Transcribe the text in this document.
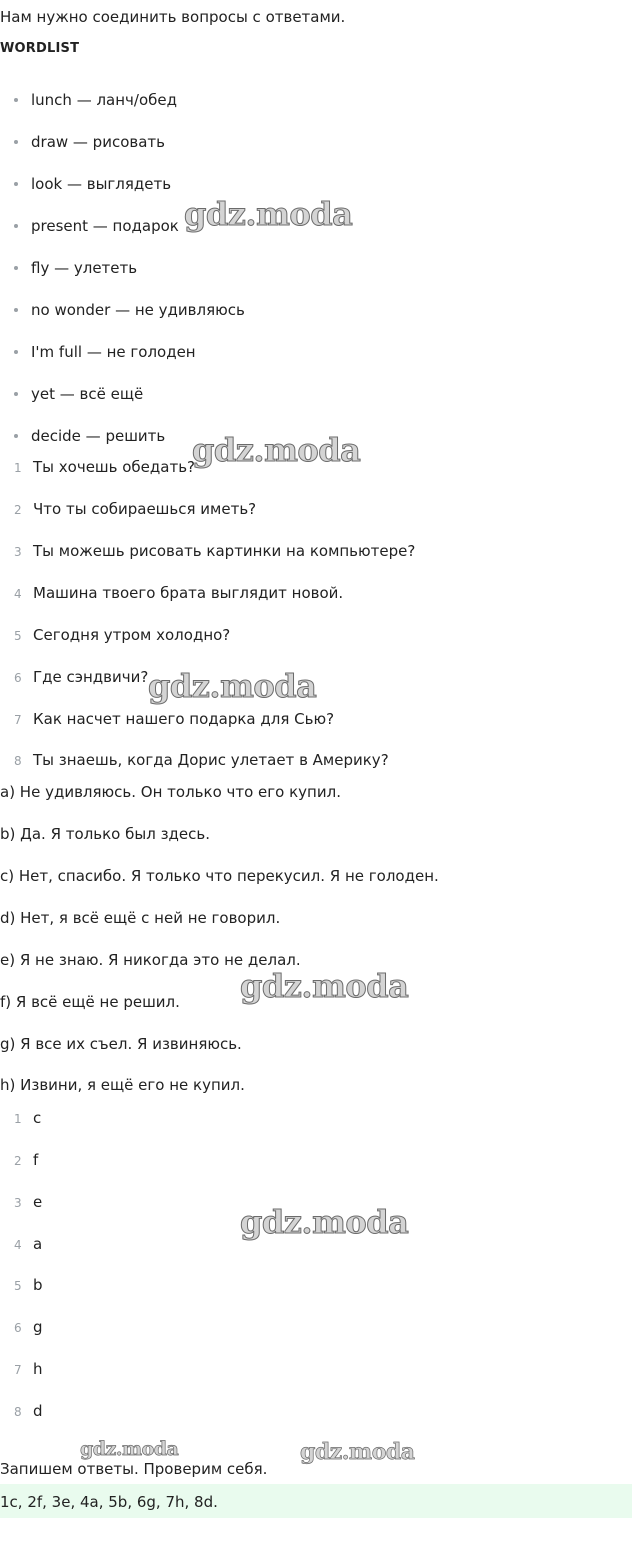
Нам нужно соединить вопросы с ответами.
WORDLIST
lunch — ланч/обед
draw — рисовать
look — выглядеть
present — подарок
fly — улететь
no wonder — не удивляюсь
I'm full — не голоден
yet — всё ещё
decide — решить
1 Ты хочешь обедать?
2 Что ты собираешься иметь?
3 Ты можешь рисовать картинки на компьютере?
4 Машина твоего брата выглядит новой.
5 Сегодня утром холодно?
6 Где сэндвичи?
7 Как насчет нашего подарка для Сью?
8 Ты знаешь, когда Дорис улетает в Америку?
a) Не удивляюсь. Он только что его купил.
b) Да. Я только был здесь.
c) Нет, спасибо. Я только что перекусил. Я не голоден.
d) Нет, я всё ещё с ней не говорил.
e) Я не знаю. Я никогда это не делал.
f) Я всё ещё не решил.
g) Я все их съел. Я извиняюсь.
h) Извини, я ещё его не купил.
1 c
2 f
3 e
4 a
5 b
6 g
7 h
8 d
Запишем ответы. Проверим себя.
1c, 2f, 3e, 4a, 5b, 6g, 7h, 8d.
gdz.moda
gdz.moda
gdz.moda
gdz.moda
gdz.moda
gdz.moda	gdz.moda
